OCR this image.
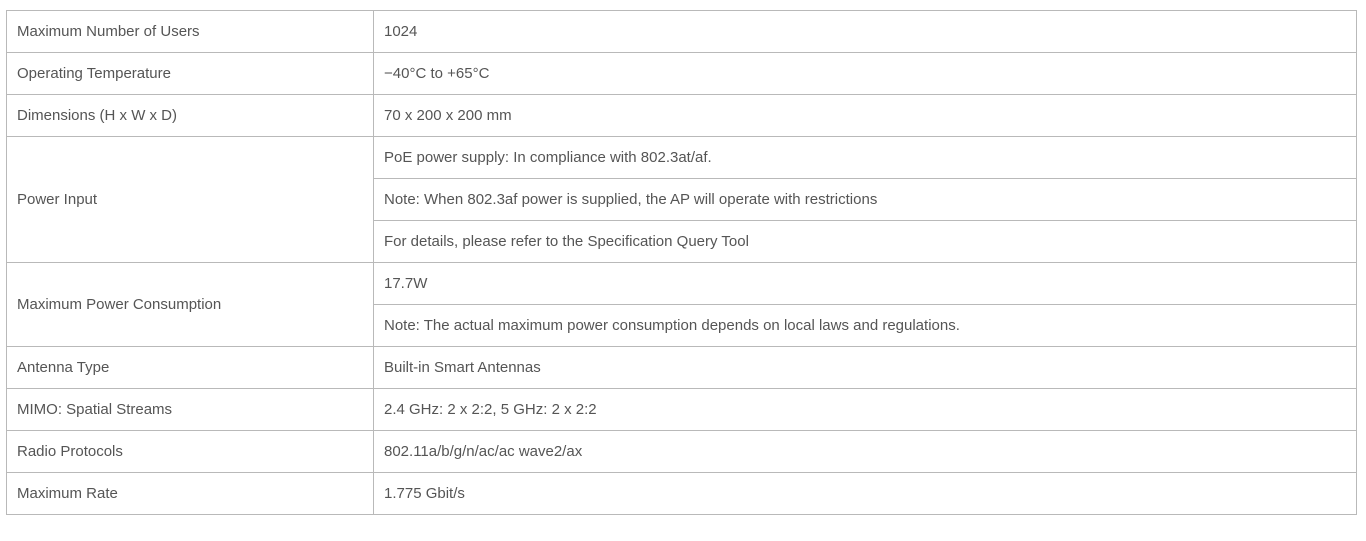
Maximum Number of Users	1024
Operating Temperature	−40°C to +65°C
Dimensions (H x W x D)	70 x 200 x 200 mm
Power Input	PoE power supply: In compliance with 802.3at/af.
	Note: When 802.3af power is supplied, the AP will operate with restrictions
	For details, please refer to the Specification Query Tool
Maximum Power Consumption	17.7W
	Note: The actual maximum power consumption depends on local laws and regulations.
Antenna Type	Built-in Smart Antennas
MIMO: Spatial Streams	2.4 GHz: 2 x 2:2, 5 GHz: 2 x 2:2
Radio Protocols	802.11a/b/g/n/ac/ac wave2/ax
Maximum Rate	1.775 Gbit/s
